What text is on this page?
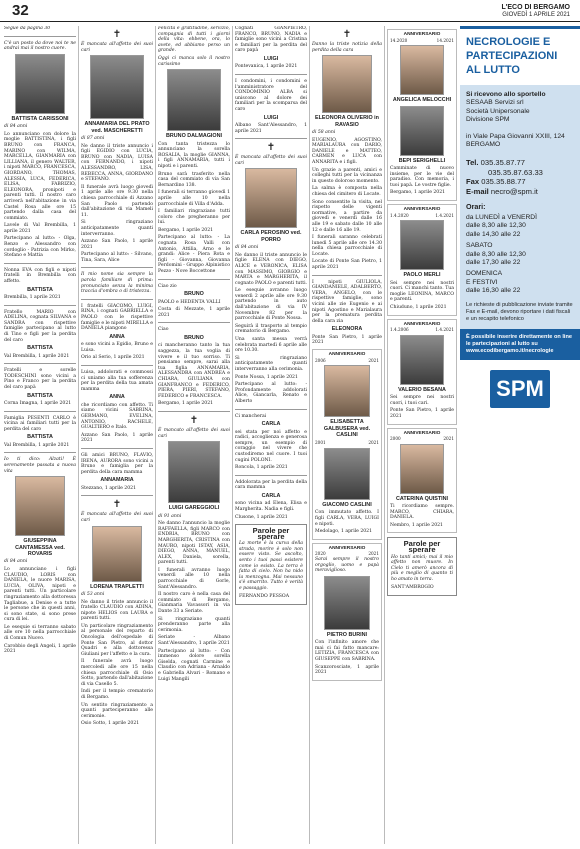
32	L'ECO DI BERGAMO
GIOVEDÌ 1 APRILE 2021

Segue da pagina 30

C'è un posto da dove noi te ne andrai mai il nostro cuore.

BATTISTA CARISSONI

di 84 anni

Lo annunciano con dolore la moglie BATTISTINA, i figli BRUNO con FRANCA, MARINO con WILMA, MARCELLA, GIANMARIA con LILLIANA, il genero WALTER, i nipoti MARCO, FRANCESCA, GIORDANO, THOMAS, ALESSIA, LUCA, FEDERICA, ELISA, FABRIZIO, ELEONORA, pronipoti e parenti tutti. Il nostro caro arriverà nell'abitazione in via Castel Rosa alle ore 15 partendo dalla casa del commiato.

Lavele di Val Brembilla, 1 aprile 2021

Partecipano al lutto: - Olga, Renzo e Alessandro con cordoglio - Patrizia con Mirko, Stefano e Mattia

Nonna EVA con figli e nipoti fratelli in Brembilla con affetto.

BATTISTA

Brembilla, 1 aprile 2021

Fratello MARIO con ADELINA, cognata SILVANA e SANDRA con rispettive famiglie partecipano al lutto di Tino e figli per la perdita del caro

BATTISTA

Val Brembilla, 1 aprile 2021

Fratelli e sorelle TODESCHINI sono vicini a Pino e Franco per la perdita del caro papà

BATTISTA

Corna Imagna, 1 aprile 2021

Famiglia PESENTI CARLO è vicina ai familiari tutti per la perdita del caro

BATTISTA

Val Brembilla, 1 aprile 2021

Io ti dico: Alzati! È serenamente passata a nuova vita

GIUSEPPINA CANTAMESSA ved. ROVARIS

di 84 anni

Lo annunciano i figli CLAUDIO, LORIS con DANIELA, le nuore MARISA, LUCIA, OLIVA, nipoti e parenti tutti. Un particolare ringraziamento alla dottoressa Tagliabue, a Denise e a tutte le persone che in questi anni, si sono state, si sono prese cura di lei.

Le esequie si terranno sabato alle ore 10 nella parrocchiale di Comun Nuovo.

Carobbio degli Angeli, 1 aprile 2021

✝

È mancata all'affetto dei suoi cari

ANNAMARIA DEL PRATO ved. MASCHERETTI

di 87 anni

Ne danno il triste annuncio i figli EGIDIO con LUCIA, BRUNO con NADIA, LUISA con FERNANDO, i nipoti ALESSANDRO, LISA, REBECCA, ANNA, GIORDANO e STEFANO.

Il funerale avrà luogo giovedì 1 aprile alle ore 9.30 nella chiesa parrocchiale di Azzano San Paolo partendo dall'abitazione di via Mameli 11.

Si ringraziano anticipatamente quanti interverranno.

Azzano San Paolo, 1 aprile 2021

Partecipano al lutto: - Silvano, Tina, Sara, Alice

Il mio nome sia sempre la parola familiare di prima: pronunciato senza la minima traccia d'ombra o di tristezza.

I fratelli GIACOMO, LUIGI, RINA, i cognati GABRIELLA e PAOLO con le rispettive famiglie e le nipoti MIRELLA e DANIELA piangono

ANNA

e sono vicini a Egidio, Bruno e Luisa.

Orio al Serio, 1 aprile 2021

Luisa, addolorati e commossi ci uniamo alla tua sofferenza per la perdita della tua amata mamma

ANNA

che ricordiamo con affetto. Ti siamo vicini SABRINA, GERMANO, EVELINA, ANTONIO, RACHELE, GUALTIERO e Italo.

Azzano San Paolo, 1 aprile 2021

Gli amici BRUNO, FLAVIO, IRENA, AURORA sono vicini a Bruno e famiglia per la perdita della cara mamma

ANNAMARIA

Stezzano, 1 aprile 2021

✝

È mancata all'affetto dei suoi cari

LORENA TRAPLETTI

di 53 anni

Ne danno il triste annuncio il fratello CLAUDIO con ADINA, nipote HELIOS con LAURA e parenti tutti.

Un particolare ringraziamento al personale del reparto di Oncologia dell'ospedale di Ponte San Pietro, al dottor Quadri e alla dottoressa Giuliani per l'affetto e la cura.

Il funerale avrà luogo mercoledì alle ore 15 nella chiesa parrocchiale di Osio Sotto, partendo dall'abitazione di via Casello 5.

Indi per il tempio crematorio di Bergamo.

Un sentito ringraziamento a quanti parteciperanno alle cerimonie.

Osio Sotto, 1 aprile 2021

Felicità è gratitudine, servizio, compagnia di tutti i giorni della vita: ebbene, ora, lo avete, ed abbiamo perso un grande.

Oggi ci manca solo il nostro carissimo

BRUNO DALMAGIONI

Con tanta tristezza lo annunciano la sorella ROSALIA, la moglie GIANNA, i figli ANNAMARIA, tutti i nipoti e i parenti.

Bruno sarà trasferito nella casa del commiato di via San Bernardino 138.

I funerali si terranno giovedì 1 aprile alle 10 nella parrocchiale di Villa d'Adda.

I familiari ringraziano tutti coloro che pregheranno per lui.

Bergamo, 1 aprile 2021

Partecipano al lutto: - La cognata Rosa Valli con Antonio, Attilia, Arno e le grandi: Alice - Piera Rota e figli - Giovanna, Giovanna Perdomini - Gruppo Alpinistico Pezzo - Nove Boccettone

Ciao zio

BRUNO

PAOLO e HEDENTA VALLI

Costa di Mezzate, 1 aprile 2021

Ciao

BRUNO

ci mancheranno tanto la tua saggezza, la tua voglia di vivere e il tuo sorriso. Ti pensiamo sempre, sarai alla tua figlia ANNAMARIA, ALESSANDRA con ANDREA e CHIARA, GIULIANA con GIANFRANCO e FEDERICO, PIERA, PIERI, STEFANO, FEDERICO e FRANCESCA.

Bergamo, 1 aprile 2021

✝

È mancato all'affetto dei suoi cari

LUIGI GAREGGIOLI

di 91 anni

Ne danno l'annuncio la moglie RAFFAELLA, figli MARCO con ENDRIA, BRUNO con MARGHERITA, CRISTINA con MAURO, nipoti ISTAY, ASIA, DIEGO, ANNA, MANUEL, ALEX, Daniela, sorella, parenti tutti.

I funerali avranno luogo venerdì alle 10 nella parrocchiale di Gorle, Sant'Alessandro.

Il nostro caro è nella casa del commiato di Bergamo, Gianmaria Vavassori in via Dante 33 a Seriate.

Si ringraziano quanti prenderanno parte alla cerimonia.

Seriate - Albano Sant'Alessandro, 1 aprile 2021

Partecipano al lutto: - Con immenso dolore sorella Giselda, cognati Carmine e Claudio con Adriana - Arnaldo e Gabriella Alvari - Romano e Luigi Mangili

Cognati GIANPIETRO, FRANCO, BRUNO, NADIA e famiglie sono vicini a Cristina e familiari per la perdita del caro papà

LUIGI

Pontevanica, 1 aprile 2021

I condomini, i condomini e l'amministratore del CONDOMINIO ALBA si uniscono al dolore dei familiari per la scomparsa del caro

LUIGI

Albano Sant'Alessandro, 1 aprile 2021

✝

È mancata all'affetto dei suoi cari

CARLA PEROSINO ved. PORRO

di 84 anni

Ne danno il triste annuncio le figlie ELENA con DIEGO, ALICE e VERONICA, ELISA con MASSIMO, GIORGIO e MARTA e MARGHERITA, il cognato PAOLO e parenti tutti.

Le esequie avranno luogo venerdì 2 aprile alle ore 9.30 partendo in auto dall'abitazione di via IV Novembre 82 per la parrocchiale di Ponte Nossa.

Seguirà il trasporto al tempio crematorio di Bergamo.

Una santa messa verrà celebrata martedì 6 aprile alle ore 10.30.

Si ringraziano anticipatamente quanti interverranno alla cerimonia.

Ponte Nossa, 1 aprile 2021

Partecipano al lutto: - Profondamente addolorati Alice, Giancarla, Renato e Alberto

Ci mancherai

CARLA

sei stata per noi affetto e radici, accoglienza e generosa sempre, un esempio di coraggio nel vivere che custodiremo nel cuore. I tuoi cugini POLONI.

Roncola, 1 aprile 2021

Addolorata per la perdita della cara mamma

CARLA

sono vicina ad Elena, Elisa e Margherita. Nadia e figli.

Clusone, 1 aprile 2021

Parole per sperare

La morte è la curva della strada, morire è solo non essere visto. Se ascolto, sento i tuoi passi esistere come io esisto. La terra è fatta di cielo. Non ha nido la menzogna. Mai nessuno s'è smarrito. Tutto è verità e passaggio.

FERNANDO PESSOA

✝

Danno la triste notizia della perdita della cara

ELEONORA OLIVERIO in RAVASIO

di 58 anni

EUGENIO, AGOSTINO, MARIALAURA con DARIO, DANIELE e MATTEO, CARMEN e LUCA con ANNARITA e i figli.

Un grazie a parenti, amici e colleghi tutti per la vicinanza in questo doloroso momento.

La salma è composta nella chiesa del cimitero di Locate.

Sono consentite la visita, nel rispetto delle vigenti normative, a partire da giovedì e venerdì dalle 16 alle 19 e sabato dalle 10 alle 12 e dalle 16 alle 19.

I funerali saranno celebrati lunedì 5 aprile alle ore 14.30 nella chiesa parrocchiale di Locate.

Locate di Ponte San Pietro, 1 aprile 2021

I nipoti GIULIOLA, GIANDANIELE, ADALBERTO, VERA, ANGELO, con le rispettive famiglie, sono vicini alle zie Eugenio e ai nipoti Agostino e Marialaura per la prematura perdita della cara zia

ELEONORA

Ponte San Pietro, 1 aprile 2021

ANNIVERSARIO
2006	2021
ELISABETTA GALBUSERA ved. CASLINI
2001	2021
GIACOMO CASLINI

Con immutato affetto. I figli CARLA, VERA, LUIGI e nipoti.

Medolago, 1 aprile 2021

ANNIVERSARIO
2020	2021

Sarai sempre il nostro orgoglio, uomo e papà meraviglioso.

PIETRO BURINI

Con l'infinito amore che mai ci fai fatto mancare: LETIZIA, FRANCESCA con GIUSEPPE con SABRINA.

Scanzorosciate, 1 aprile 2021

ANNIVERSARIO
14.2020	14.2021
ANGELICA MELOCCHI
BEPI SERIGHELLI

Camminate di nuovo insieme, per le vie del paradiso. Con memoria, i tuoi papà. Le vostre figlie.

Bergamo, 1 aprile 2021

ANNIVERSARIO
1.4.2020	1.4.2021
PAOLO MERLI

Sei sempre nei nostri cuori. Ci manchi tanto. Tua moglie LEONINA, MARCO e parenti.

Chiuduno, 1 aprile 2021

ANNIVERSARIO
1.4.2006	1.4.2021
VALERIO BESANA

Sei sempre nei nostri cuori, i tuoi cari.

Ponte San Pietro, 1 aprile 2021

ANNIVERSARIO
2000	2021
CATERINA QUISTINI

Ti ricordiamo sempre. MARCO, CHIARA, DANIELA.

Nembro, 1 aprile 2021

Parole per sperare

Ho tanti amici; mai il mio affetto non muore. In Cielo ti amerò ancora di più e meglio di quanto ti ho amato in terra.

SANT'AMBROGIO

NECROLOGIE E PARTECIPAZIONI AL LUTTO
Si ricevono allo sportello
SESAAB Servizi srl
Società Unipersonale
Divisione SPM

in Viale Papa Giovanni XXIII, 124
BERGAMO

Tel. 035.35.87.77
035.35.87.63.33
Fax 035.35.88.77
E-mail necro@spm.it
Orari:
da LUNEDÌ a VENERDÌ
dalle 8,30 alle 12,30
dalle 14,30 alle 22
SABATO
dalle 8,30 alle 12,30
dalle 17,30 alle 22
DOMENICA
E FESTIVI
dalle 16,30 alle 22
Le richieste di pubblicazione inviate tramite Fax e E-mail, devono riportare i dati fiscali e un recapito telefonico
È possibile inserire direttamente on line le partecipazioni al lutto su www.ecodibergamo.it/necrologie
SPM
